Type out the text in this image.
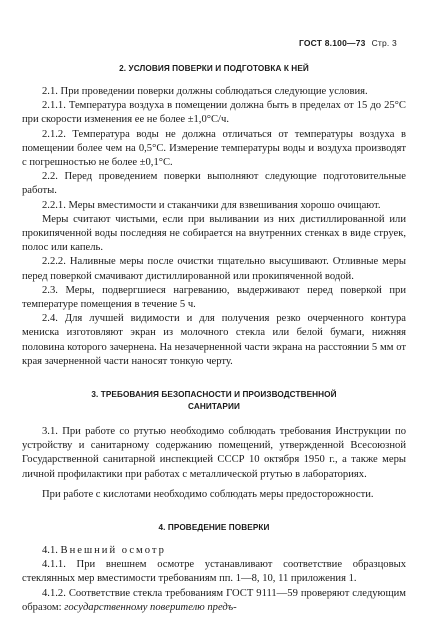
ГОСТ 8.100—73 Стр. 3
2. УСЛОВИЯ ПОВЕРКИ И ПОДГОТОВКА К НЕЙ

2.1. При проведении поверки должны соблюдаться следующие условия.

2.1.1. Температура воздуха в помещении должна быть в пределах от 15 до 25°С при скорости изменения ее не более ±1,0°С/ч.

2.1.2. Температура воды не должна отличаться от температуры воздуха в помещении более чем на 0,5°С. Измерение температуры воды и воздуха производят с погрешностью не более ±0,1°С.

2.2. Перед проведением поверки выполняют следующие подготовительные работы.

2.2.1. Меры вместимости и стаканчики для взвешивания хорошо очищают.

Меры считают чистыми, если при выливании из них дистиллированной или прокипяченной воды последняя не собирается на внутренних стенках в виде струек, полос или капель.

2.2.2. Наливные меры после очистки тщательно высушивают. Отливные меры перед поверкой смачивают дистиллированной или прокипяченной водой.

2.3. Меры, подвергшиеся нагреванию, выдерживают перед поверкой при температуре помещения в течение 5 ч.

2.4. Для лучшей видимости и для получения резко очерченного контура мениска изготовляют экран из молочного стекла или белой бумаги, нижняя половина которого зачернена. На незачерненной части экрана на расстоянии 5 мм от края зачерненной части наносят тонкую черту.

3. ТРЕБОВАНИЯ БЕЗОПАСНОСТИ И ПРОИЗВОДСТВЕННОЙ
САНИТАРИИ

3.1. При работе со ртутью необходимо соблюдать требования Инструкции по устройству и санитарному содержанию помещений, утвержденной Всесоюзной Государственной санитарной инспекцией СССР 10 октября 1950 г., а также меры личной профилактики при работах с металлической ртутью в лабораториях.

При работе с кислотами необходимо соблюдать меры предосторожности.

4. ПРОВЕДЕНИЕ ПОВЕРКИ

4.1. Внешний осмотр

4.1.1. При внешнем осмотре устанавливают соответствие образцовых стеклянных мер вместимости требованиям пп. 1—8, 10, 11 приложения 1.

4.1.2. Соответствие стекла требованиям ГОСТ 9111—59 проверяют следующим образом: государственному поверителю предъ-
